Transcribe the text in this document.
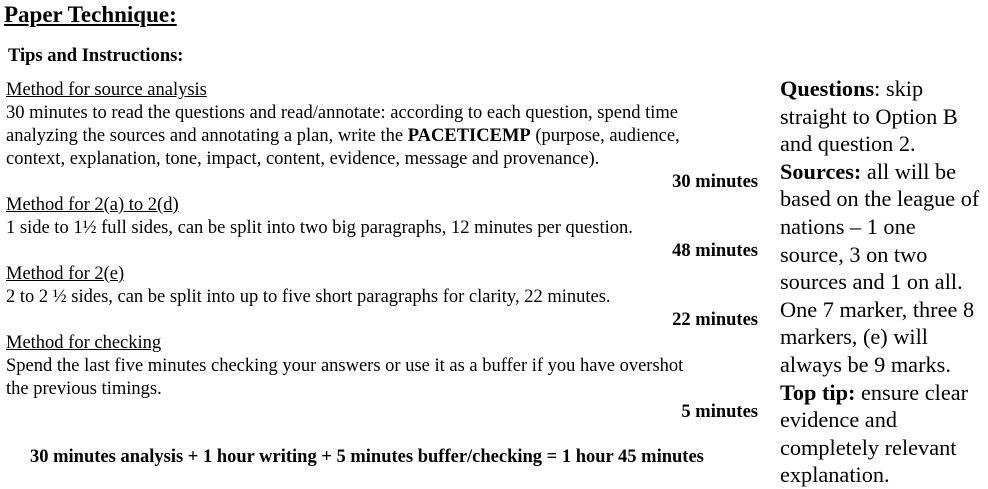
Paper Technique:
Tips and Instructions:
Method for source analysis
30 minutes to read the questions and read/annotate: according to each question, spend time
analyzing the sources and annotating a plan, write the PACETICEMP (purpose, audience,
context, explanation, tone, impact, content, evidence, message and provenance).
30 minutes
Method for 2(a) to 2(d)
1 side to 1½ full sides, can be split into two big paragraphs, 12 minutes per question.
48 minutes
Method for 2(e)
2 to 2 ½ sides, can be split into up to five short paragraphs for clarity, 22 minutes.
22 minutes
Method for checking
Spend the last five minutes checking your answers or use it as a buffer if you have overshot
the previous timings.
5 minutes
30 minutes analysis + 1 hour writing + 5 minutes buffer/checking = 1 hour 45 minutes
Questions: skip
straight to Option B
and question 2.
Sources: all will be
based on the league of
nations – 1 one
source, 3 on two
sources and 1 on all.
One 7 marker, three 8
markers, (e) will
always be 9 marks.
Top tip: ensure clear
evidence and
completely relevant
explanation.
